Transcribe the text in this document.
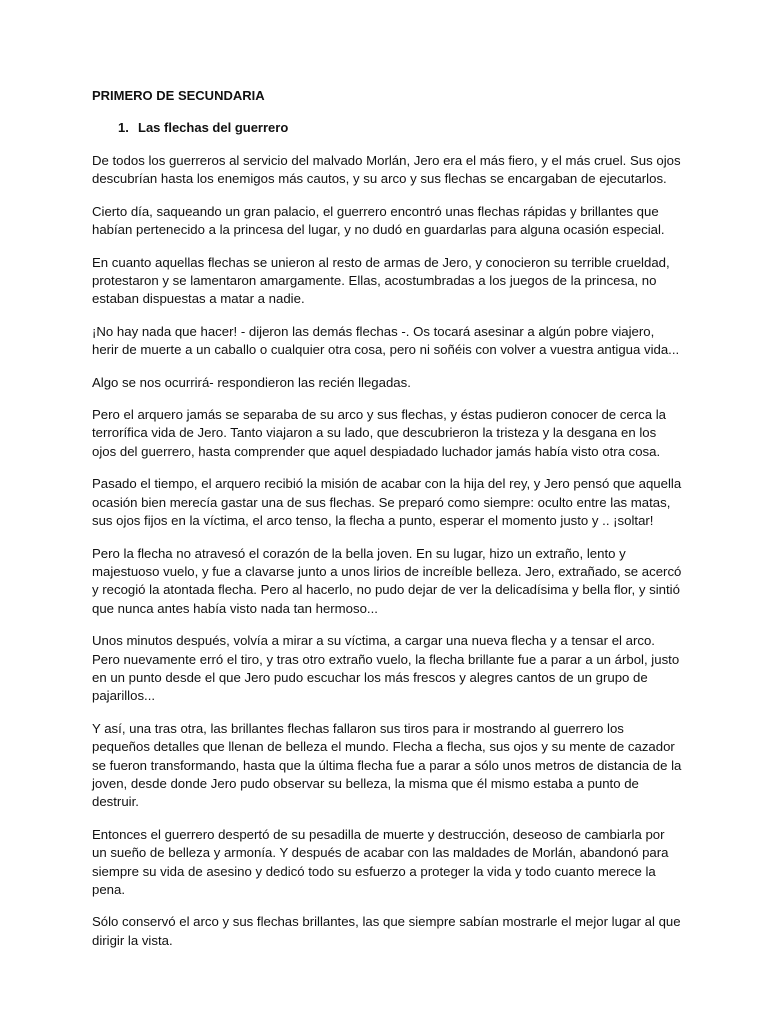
PRIMERO DE SECUNDARIA
1. Las flechas del guerrero

De todos los guerreros al servicio del malvado Morlán, Jero era el más fiero, y el más cruel. Sus ojos descubrían hasta los enemigos más cautos, y su arco y sus flechas se encargaban de ejecutarlos.

Cierto día, saqueando un gran palacio, el guerrero encontró unas flechas rápidas y brillantes que habían pertenecido a la princesa del lugar, y no dudó en guardarlas para alguna ocasión especial.

En cuanto aquellas flechas se unieron al resto de armas de Jero, y conocieron su terrible crueldad, protestaron y se lamentaron amargamente. Ellas, acostumbradas a los juegos de la princesa, no estaban dispuestas a matar a nadie.

¡No hay nada que hacer! - dijeron las demás flechas -. Os tocará asesinar a algún pobre viajero, herir de muerte a un caballo o cualquier otra cosa, pero ni soñéis con volver a vuestra antigua vida...

Algo se nos ocurrirá- respondieron las recién llegadas.

Pero el arquero jamás se separaba de su arco y sus flechas, y éstas pudieron conocer de cerca la terrorífica vida de Jero. Tanto viajaron a su lado, que descubrieron la tristeza y la desgana en los ojos del guerrero, hasta comprender que aquel despiadado luchador jamás había visto otra cosa.

Pasado el tiempo, el arquero recibió la misión de acabar con la hija del rey, y Jero pensó que aquella ocasión bien merecía gastar una de sus flechas. Se preparó como siempre: oculto entre las matas, sus ojos fijos en la víctima, el arco tenso, la flecha a punto, esperar el momento justo y .. ¡soltar!

Pero la flecha no atravesó el corazón de la bella joven. En su lugar, hizo un extraño, lento y majestuoso vuelo, y fue a clavarse junto a unos lirios de increíble belleza. Jero, extrañado, se acercó y recogió la atontada flecha. Pero al hacerlo, no pudo dejar de ver la delicadísima y bella flor, y sintió que nunca antes había visto nada tan hermoso...

Unos minutos después, volvía a mirar a su víctima, a cargar una nueva flecha y a tensar el arco. Pero nuevamente erró el tiro, y tras otro extraño vuelo, la flecha brillante fue a parar a un árbol, justo en un punto desde el que Jero pudo escuchar los más frescos y alegres cantos de un grupo de pajarillos...

Y así, una tras otra, las brillantes flechas fallaron sus tiros para ir mostrando al guerrero los pequeños detalles que llenan de belleza el mundo. Flecha a flecha, sus ojos y su mente de cazador se fueron transformando, hasta que la última flecha fue a parar a sólo unos metros de distancia de la joven, desde donde Jero pudo observar su belleza, la misma que él mismo estaba a punto de destruir.

Entonces el guerrero despertó de su pesadilla de muerte y destrucción, deseoso de cambiarla por un sueño de belleza y armonía. Y después de acabar con las maldades de Morlán, abandonó para siempre su vida de asesino y dedicó todo su esfuerzo a proteger la vida y todo cuanto merece la pena.

Sólo conservó el arco y sus flechas brillantes, las que siempre sabían mostrarle el mejor lugar al que dirigir la vista.
